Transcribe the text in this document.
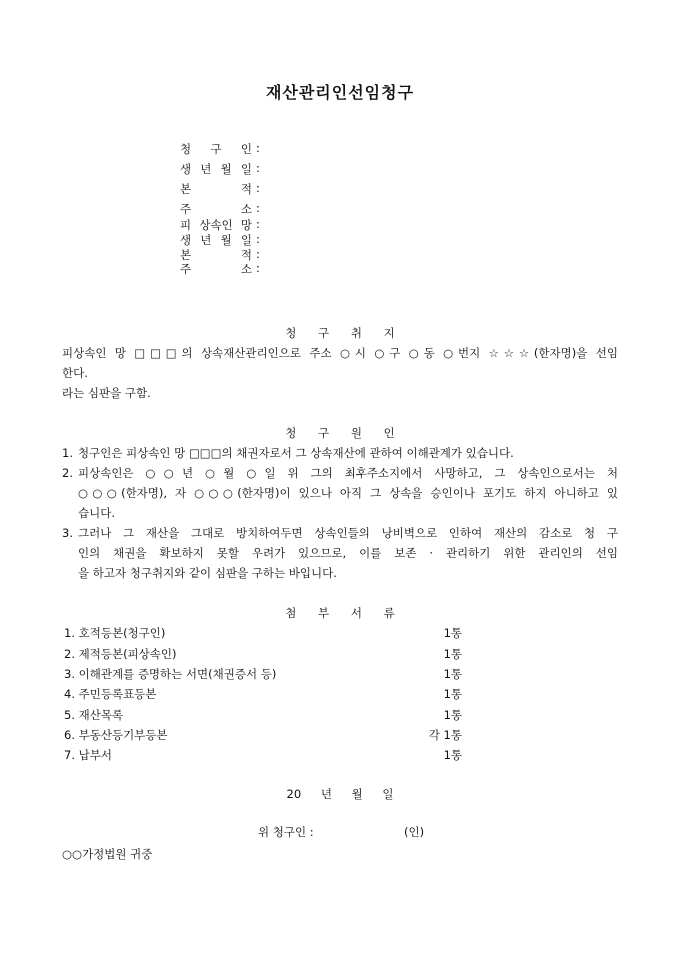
재산관리인선임청구
청 구 인 :
생 년 월 일 :
본 적 :
주 소 :
피 상속인 망 :
생 년 월 일 :
본 적 :
주 소 :
청 구 취 지
피상속인 망 □□□의 상속재산관리인으로 주소 ○시 ○구 ○동 ○번지 ☆☆☆(한자명)을 선임
한다.
라는 심판을 구함.
청 구 원 인
1. 청구인은 피상속인 망 □□□의 채권자로서 그 상속재산에 관하여 이해관계가 있습니다.
2. 피상속인은 ○○년 ○월 ○일 위 그의 최후주소지에서 사망하고, 그 상속인으로서는 처
○○○(한자명), 자 ○○○(한자명)이 있으나 아직 그 상속을 승인이나 포기도 하지 아니하고 있
습니다.
3. 그러나 그 재산을 그대로 방치하여두면 상속인들의 낭비벽으로 인하여 재산의 감소로 청 구
인의 채권을 확보하지 못할 우려가 있으므로, 이를 보존 · 관리하기 위한 관리인의 선임
을 하고자 청구취지와 같이 심판을 구하는 바입니다.
첨 부 서 류
1. 호적등본(청구인)	1통
2. 제적등본(피상속인)	1통
3. 이해관계를 증명하는 서면(채권증서 등)	1통
4. 주민등록표등본	1통
5. 재산목록	1통
6. 부동산등기부등본	각 1통
7. 납부서	1통
20 년 월 일
위 청구인 :	(인)
○○가정법원 귀중
